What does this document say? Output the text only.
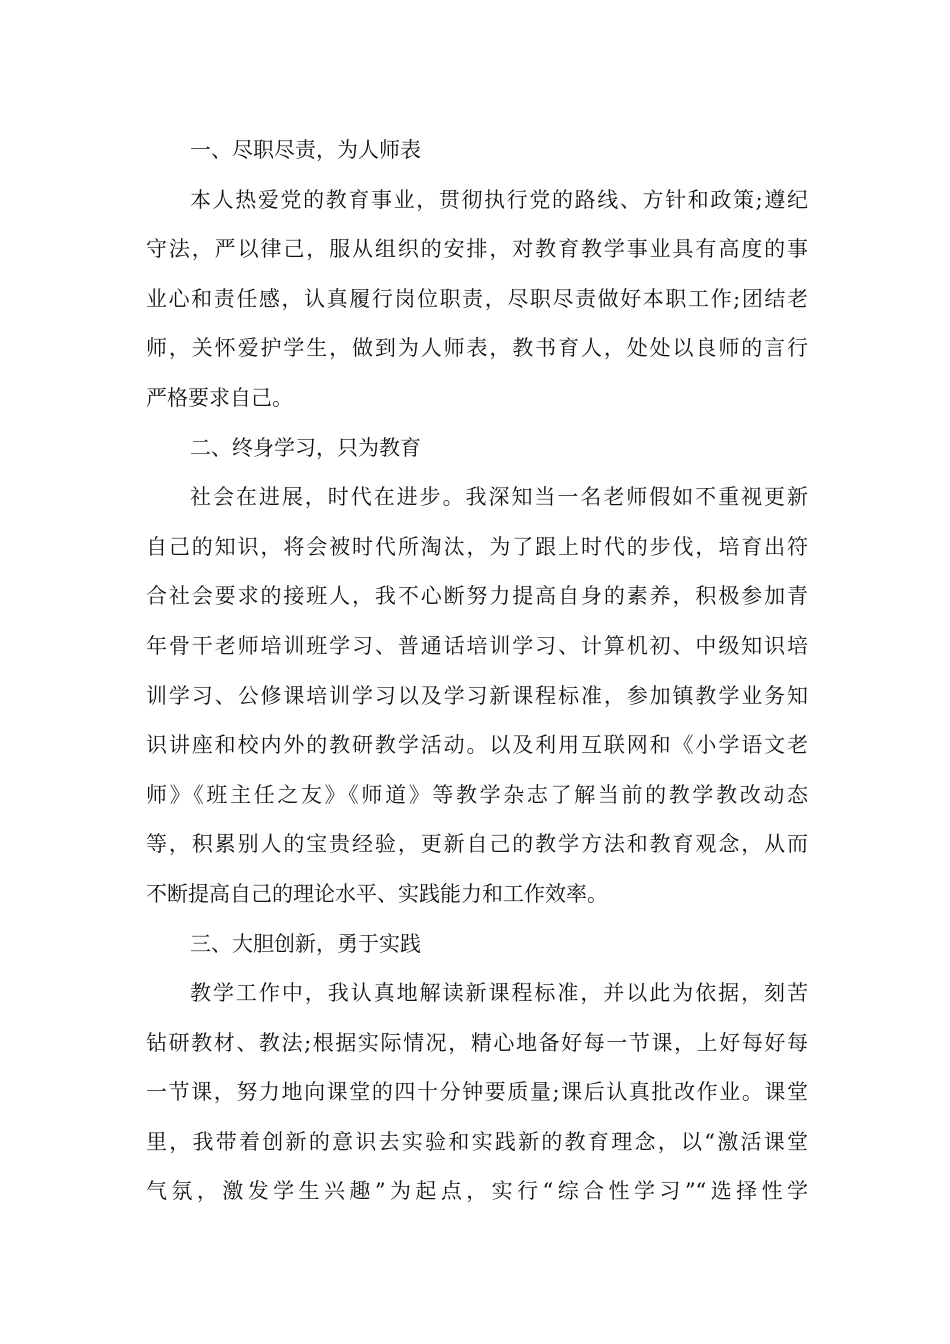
一、尽职尽责，为人师表
本人热爱党的教育事业，贯彻执行党的路线、方针和政策;遵纪
守法，严以律己，服从组织的安排，对教育教学事业具有高度的事
业心和责任感，认真履行岗位职责，尽职尽责做好本职工作;团结老
师，关怀爱护学生，做到为人师表，教书育人，处处以良师的言行
严格要求自己。
二、终身学习，只为教育
社会在进展，时代在进步。我深知当一名老师假如不重视更新
自己的知识，将会被时代所淘汰，为了跟上时代的步伐，培育出符
合社会要求的接班人，我不心断努力提高自身的素养，积极参加青
年骨干老师培训班学习、普通话培训学习、计算机初、中级知识培
训学习、公修课培训学习以及学习新课程标准，参加镇教学业务知
识讲座和校内外的教研教学活动。以及利用互联网和《小学语文老
师》《班主任之友》《师道》等教学杂志了解当前的教学教改动态
等，积累别人的宝贵经验，更新自己的教学方法和教育观念，从而
不断提高自己的理论水平、实践能力和工作效率。
三、大胆创新，勇于实践
教学工作中，我认真地解读新课程标准，并以此为依据，刻苦
钻研教材、教法;根据实际情况，精心地备好每一节课，上好每好每
一节课，努力地向课堂的四十分钟要质量;课后认真批改作业。课堂
里，我带着创新的意识去实验和实践新的教育理念，以“激活课堂
气氛，激发学生兴趣”为起点，实行“综合性学习”“选择性学
